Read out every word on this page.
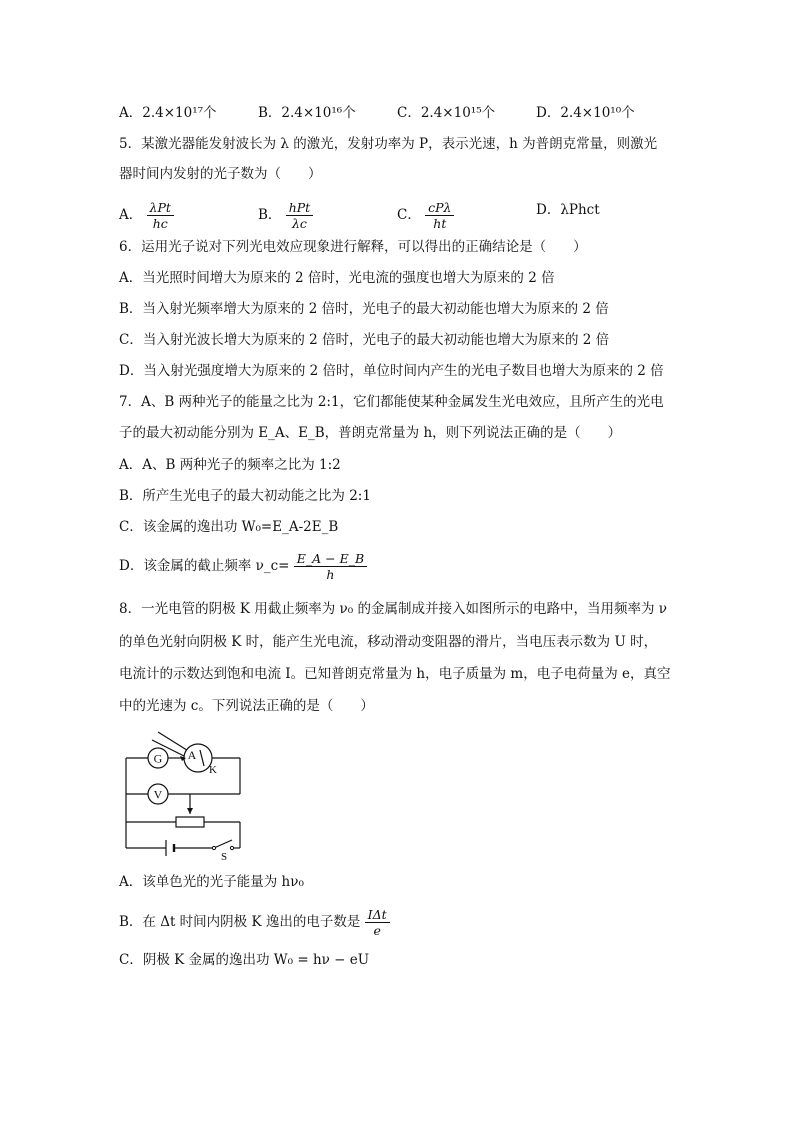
A．2.4×10¹⁷个	B．2.4×10¹⁶个	C．2.4×10¹⁵个	D．2.4×10¹⁰个
5．某激光器能发射波长为 λ 的激光，发射功率为 P，表示光速，h 为普朗克常量，则激光
器时间内发射的光子数为（　　）
A． $\frac{\text{λPt}}{hc}$	B． $\frac{\text{hPt}}{\lambda c}$	C． $\frac{\text{cPλ}}{ht}$	D．λPhct
6．运用光子说对下列光电效应现象进行解释，可以得出的正确结论是（　　）
A．当光照时间增大为原来的 2 倍时，光电流的强度也增大为原来的 2 倍
B．当入射光频率增大为原来的 2 倍时，光电子的最大初动能也增大为原来的 2 倍
C．当入射光波长增大为原来的 2 倍时，光电子的最大初动能也增大为原来的 2 倍
D．当入射光强度增大为原来的 2 倍时，单位时间内产生的光电子数目也增大为原来的 2 倍
7．A、B 两种光子的能量之比为 2:1，它们都能使某种金属发生光电效应，且所产生的光电
子的最大初动能分别为 E_A、E_B，普朗克常量为 h，则下列说法正确的是（　　）
A．A、B 两种光子的频率之比为 1:2
B．所产生光电子的最大初动能之比为 2:1
C．该金属的逸出功 W₀=E_A-2E_B
D．该金属的截止频率 ν_c= $\frac{E\_A - E\_B}{h}$
8．一光电管的阴极 K 用截止频率为 ν₀ 的金属制成并接入如图所示的电路中，当用频率为 ν
的单色光射向阴极 K 时，能产生光电流，移动滑动变阻器的滑片，当电压表示数为 U 时，
电流计的示数达到饱和电流 I。已知普朗克常量为 h，电子质量为 m，电子电荷量为 e，真空
中的光速为 c。下列说法正确的是（　　）
G A
K
V
S
A．该单色光的光子能量为 hν₀
B．在 Δt 时间内阴极 K 逸出的电子数是 $\frac{\text{IΔt}}{e}$
C．阴极 K 金属的逸出功 W₀ = hν − eU
